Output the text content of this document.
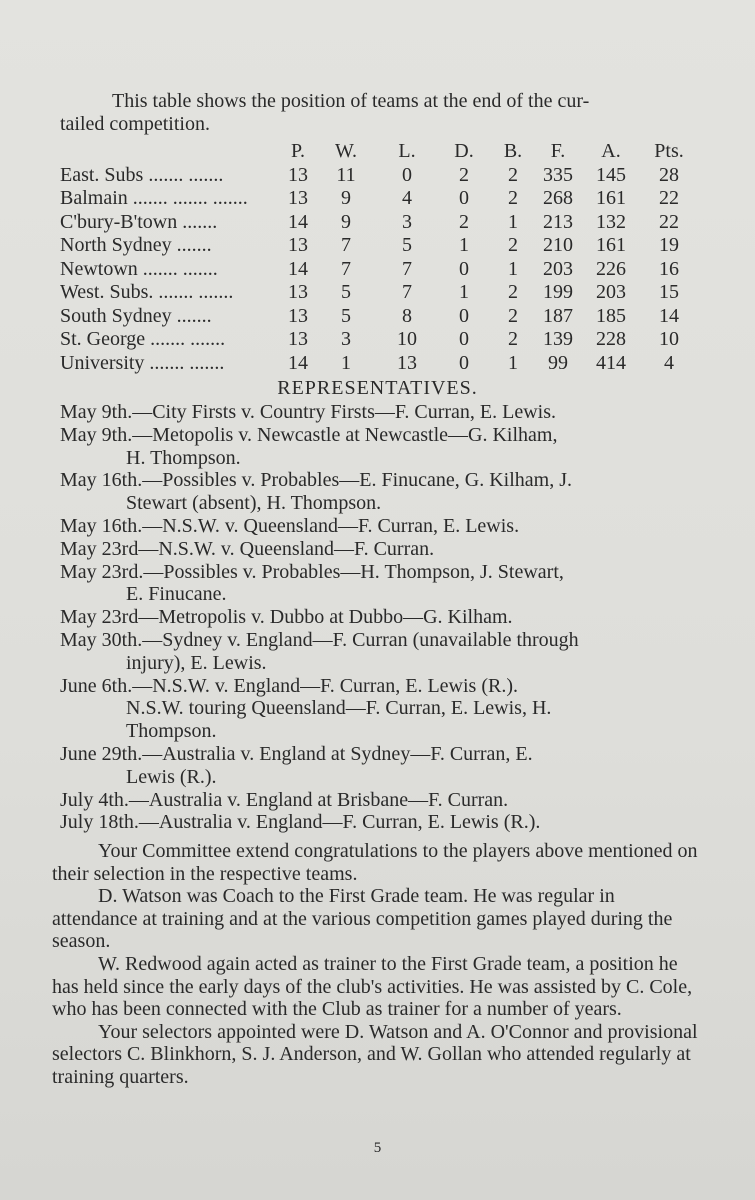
This table shows the position of teams at the end of the cur-
tailed competition.
	P.	W.	L.	D.	B.	F.	A.	Pts.
East. Subs ....... .......	13	11	0	2	2	335	145	28
Balmain ....... ....... .......	13	9	4	0	2	268	161	22
C'bury-B'town .......	14	9	3	2	1	213	132	22
North Sydney .......	13	7	5	1	2	210	161	19
Newtown ....... .......	14	7	7	0	1	203	226	16
West. Subs. ....... .......	13	5	7	1	2	199	203	15
South Sydney .......	13	5	8	0	2	187	185	14
St. George ....... .......	13	3	10	0	2	139	228	10
University ....... .......	14	1	13	0	1	99	414	4
REPRESENTATIVES.
May 9th.—City Firsts v. Country Firsts—F. Curran, E. Lewis.
May 9th.—Metopolis v. Newcastle at Newcastle—G. Kilham,
H. Thompson.
May 16th.—Possibles v. Probables—E. Finucane, G. Kilham, J.
Stewart (absent), H. Thompson.
May 16th.—N.S.W. v. Queensland—F. Curran, E. Lewis.
May 23rd—N.S.W. v. Queensland—F. Curran.
May 23rd.—Possibles v. Probables—H. Thompson, J. Stewart,
E. Finucane.
May 23rd—Metropolis v. Dubbo at Dubbo—G. Kilham.
May 30th.—Sydney v. England—F. Curran (unavailable through
injury), E. Lewis.
June 6th.—N.S.W. v. England—F. Curran, E. Lewis (R.).
N.S.W. touring Queensland—F. Curran, E. Lewis, H.
Thompson.
June 29th.—Australia v. England at Sydney—F. Curran, E.
Lewis (R.).
July 4th.—Australia v. England at Brisbane—F. Curran.
July 18th.—Australia v. England—F. Curran, E. Lewis (R.).

Your Committee extend congratulations to the players above mentioned on their selection in the respective teams.

D. Watson was Coach to the First Grade team. He was regular in attendance at training and at the various competition games played during the season.

W. Redwood again acted as trainer to the First Grade team, a position he has held since the early days of the club's activities. He was assisted by C. Cole, who has been connected with the Club as trainer for a number of years.

Your selectors appointed were D. Watson and A. O'Connor and provisional selectors C. Blinkhorn, S. J. Anderson, and W. Gollan who attended regularly at training quarters.

5
